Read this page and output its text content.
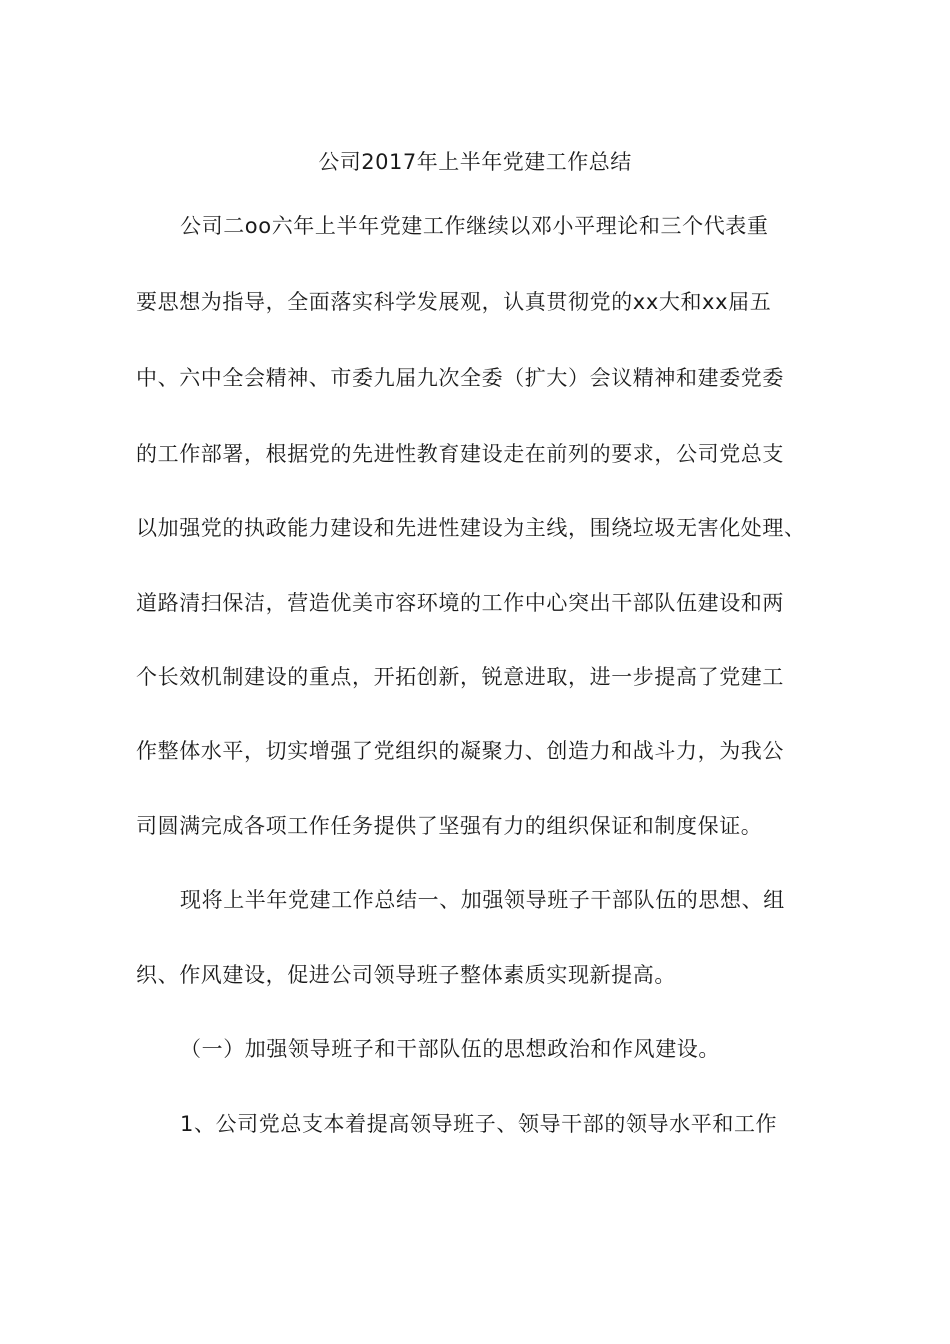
公司2017年上半年党建工作总结
公司二oo六年上半年党建工作继续以邓小平理论和三个代表重
要思想为指导，全面落实科学发展观，认真贯彻党的xx大和xx届五
中、六中全会精神、市委九届九次全委（扩大）会议精神和建委党委
的工作部署，根据党的先进性教育建设走在前列的要求，公司党总支
以加强党的执政能力建设和先进性建设为主线，围绕垃圾无害化处理、
道路清扫保洁，营造优美市容环境的工作中心突出干部队伍建设和两
个长效机制建设的重点，开拓创新，锐意进取，进一步提高了党建工
作整体水平，切实增强了党组织的凝聚力、创造力和战斗力，为我公
司圆满完成各项工作任务提供了坚强有力的组织保证和制度保证。
现将上半年党建工作总结一、加强领导班子干部队伍的思想、组
织、作风建设，促进公司领导班子整体素质实现新提高。
（一）加强领导班子和干部队伍的思想政治和作风建设。
1、公司党总支本着提高领导班子、领导干部的领导水平和工作
